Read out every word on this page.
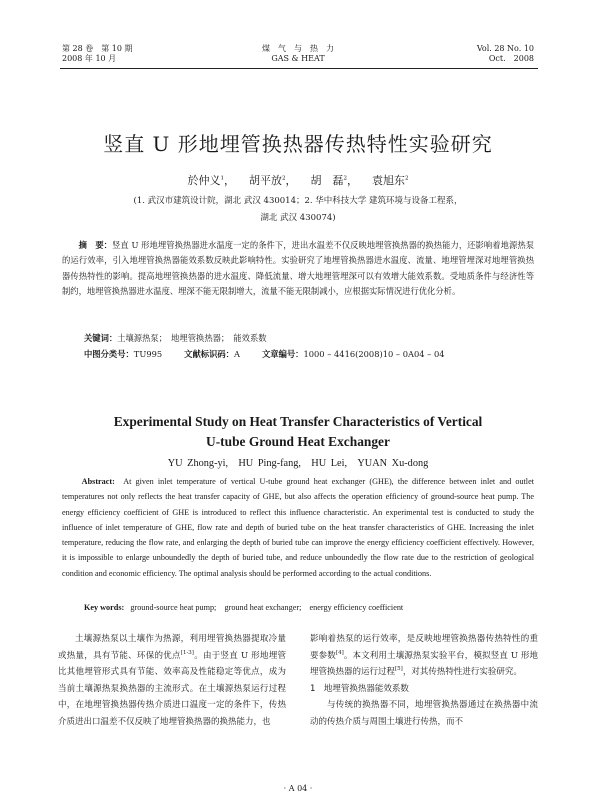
第 28 卷　第 10 期
2008 年 10 月
煤　气　与　热　力
GAS & HEAT
Vol. 28 No. 10
Oct.　2008
竖直 U 形地埋管换热器传热特性实验研究
於仲义$^1$，    胡平放$^2$，    胡　磊$^2$，    袁旭东$^2$
(1. 武汉市建筑设计院，湖北 武汉 430014；2. 华中科技大学 建筑环境与设备工程系，
湖北 武汉 430074)
摘　要：竖直 U 形地埋管换热器进水温度一定的条件下，进出水温差不仅反映地埋管换热器的换热能力，还影响着地源热泵的运行效率，引入地埋管换热器能效系数反映此影响特性。实验研究了地埋管换热器进水温度、流量、地埋管埋深对地埋管换热器传热特性的影响。提高地埋管换热器的进水温度、降低流量、增大地埋管埋深可以有效增大能效系数。受地质条件与经济性等制约，地埋管换热器进水温度、埋深不能无限制增大，流量不能无限制减小，应根据实际情况进行优化分析。
关键词：土壤源热泵；　地埋管换热器；　能效系数
中图分类号：TU995	文献标识码：A	文章编号：1000 – 4416(2008)10 – 0A04 – 04
Experimental Study on Heat Transfer Characteristics of Vertical
U-tube Ground Heat Exchanger
YU Zhong-yi,　HU Ping-fang,　HU Lei,　YUAN Xu-dong
Abstract: At given inlet temperature of vertical U-tube ground heat exchanger (GHE), the difference between inlet and outlet temperatures not only reflects the heat transfer capacity of GHE, but also affects the operation efficiency of ground-source heat pump. The energy efficiency coefficient of GHE is introduced to reflect this influence characteristic. An experimental test is conducted to study the influence of inlet temperature of GHE, flow rate and depth of buried tube on the heat transfer characteristics of GHE. Increasing the inlet temperature, reducing the flow rate, and enlarging the depth of buried tube can improve the energy efficiency coefficient effectively. However, it is impossible to enlarge unboundedly the depth of buried tube, and reduce unboundedly the flow rate due to the restriction of geological condition and economic efficiency. The optimal analysis should be performed according to the actual conditions.
Key words: ground-source heat pump;　ground heat exchanger;　energy efficiency coefficient

土壤源热泵以土壤作为热源，利用埋管换热器提取冷量或热量，具有节能、环保的优点[1-3]。由于竖直 U 形地埋管比其他埋管形式具有节能、效率高及性能稳定等优点，成为当前土壤源热泵换热器的主流形式。在土壤源热泵运行过程中，在地埋管换热器传热介质进口温度一定的条件下，传热介质进出口温差不仅反映了地埋管换热器的换热能力，也

影响着热泵的运行效率，是反映地埋管换热器传热特性的重要参数[4]。本文利用土壤源热泵实验平台，模拟竖直 U 形地埋管换热器的运行过程[5]，对其传热特性进行实验研究。

1　地埋管换热器能效系数

与传统的换热器不同，地埋管换热器通过在换热器中流动的传热介质与周围土壤进行传热，而不

· A 04 ·
